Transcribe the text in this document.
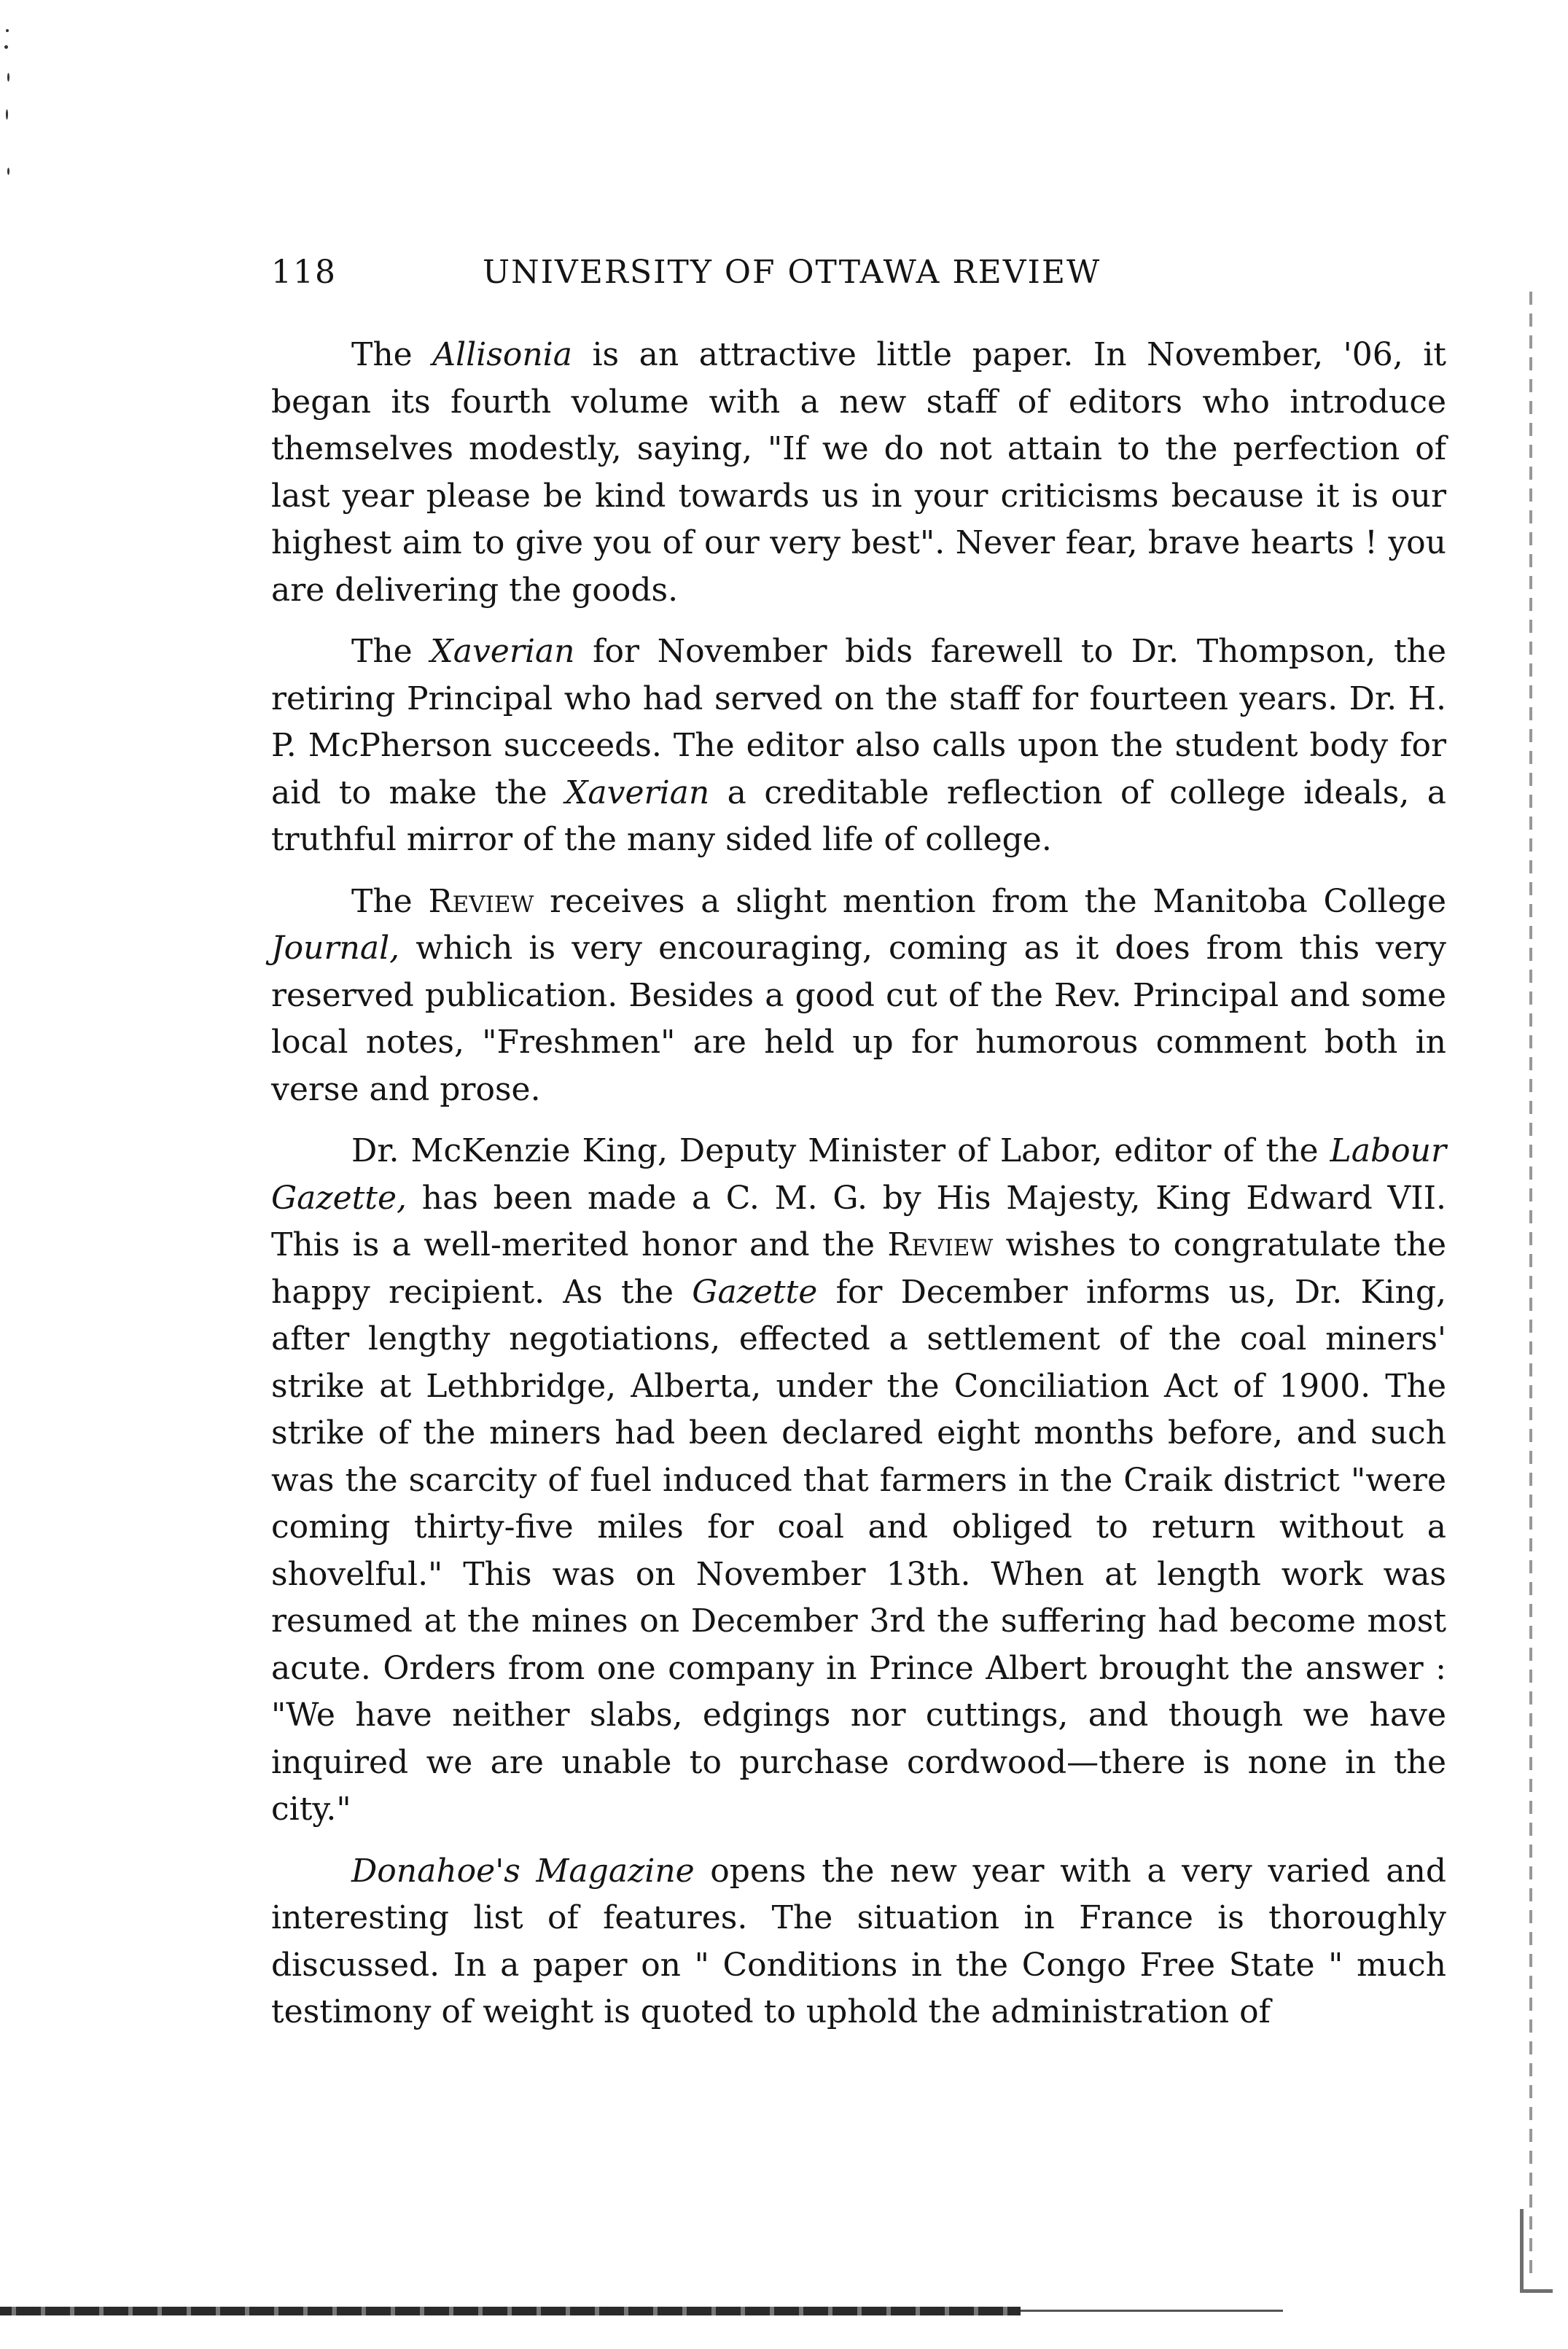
118	UNIVERSITY OF OTTAWA REVIEW

The Allisonia is an attractive little paper. In November, '06, it began its fourth volume with a new staff of editors who introduce themselves modestly, saying, "If we do not attain to the perfection of last year please be kind towards us in your criticisms because it is our highest aim to give you of our very best". Never fear, brave hearts ! you are delivering the goods.

The Xaverian for November bids farewell to Dr. Thompson, the retiring Principal who had served on the staff for fourteen years. Dr. H. P. McPherson succeeds. The editor also calls upon the student body for aid to make the Xaverian a creditable reflection of college ideals, a truthful mirror of the many sided life of college.

The Review receives a slight mention from the Manitoba College Journal, which is very encouraging, coming as it does from this very reserved publication. Besides a good cut of the Rev. Principal and some local notes, "Freshmen" are held up for humorous comment both in verse and prose.

Dr. McKenzie King, Deputy Minister of Labor, editor of the Labour Gazette, has been made a C. M. G. by His Majesty, King Edward VII. This is a well-merited honor and the Review wishes to congratulate the happy recipient. As the Gazette for December informs us, Dr. King, after lengthy negotiations, effected a settlement of the coal miners' strike at Lethbridge, Alberta, under the Conciliation Act of 1900. The strike of the miners had been declared eight months before, and such was the scarcity of fuel induced that farmers in the Craik district "were coming thirty-five miles for coal and obliged to return without a shovelful." This was on November 13th. When at length work was resumed at the mines on December 3rd the suffering had become most acute. Orders from one company in Prince Albert brought the answer : "We have neither slabs, edgings nor cuttings, and though we have inquired we are unable to purchase cordwood—there is none in the city."

Donahoe's Magazine opens the new year with a very varied and interesting list of features. The situation in France is thoroughly discussed. In a paper on " Conditions in the Congo Free State " much testimony of weight is quoted to uphold the administration of
